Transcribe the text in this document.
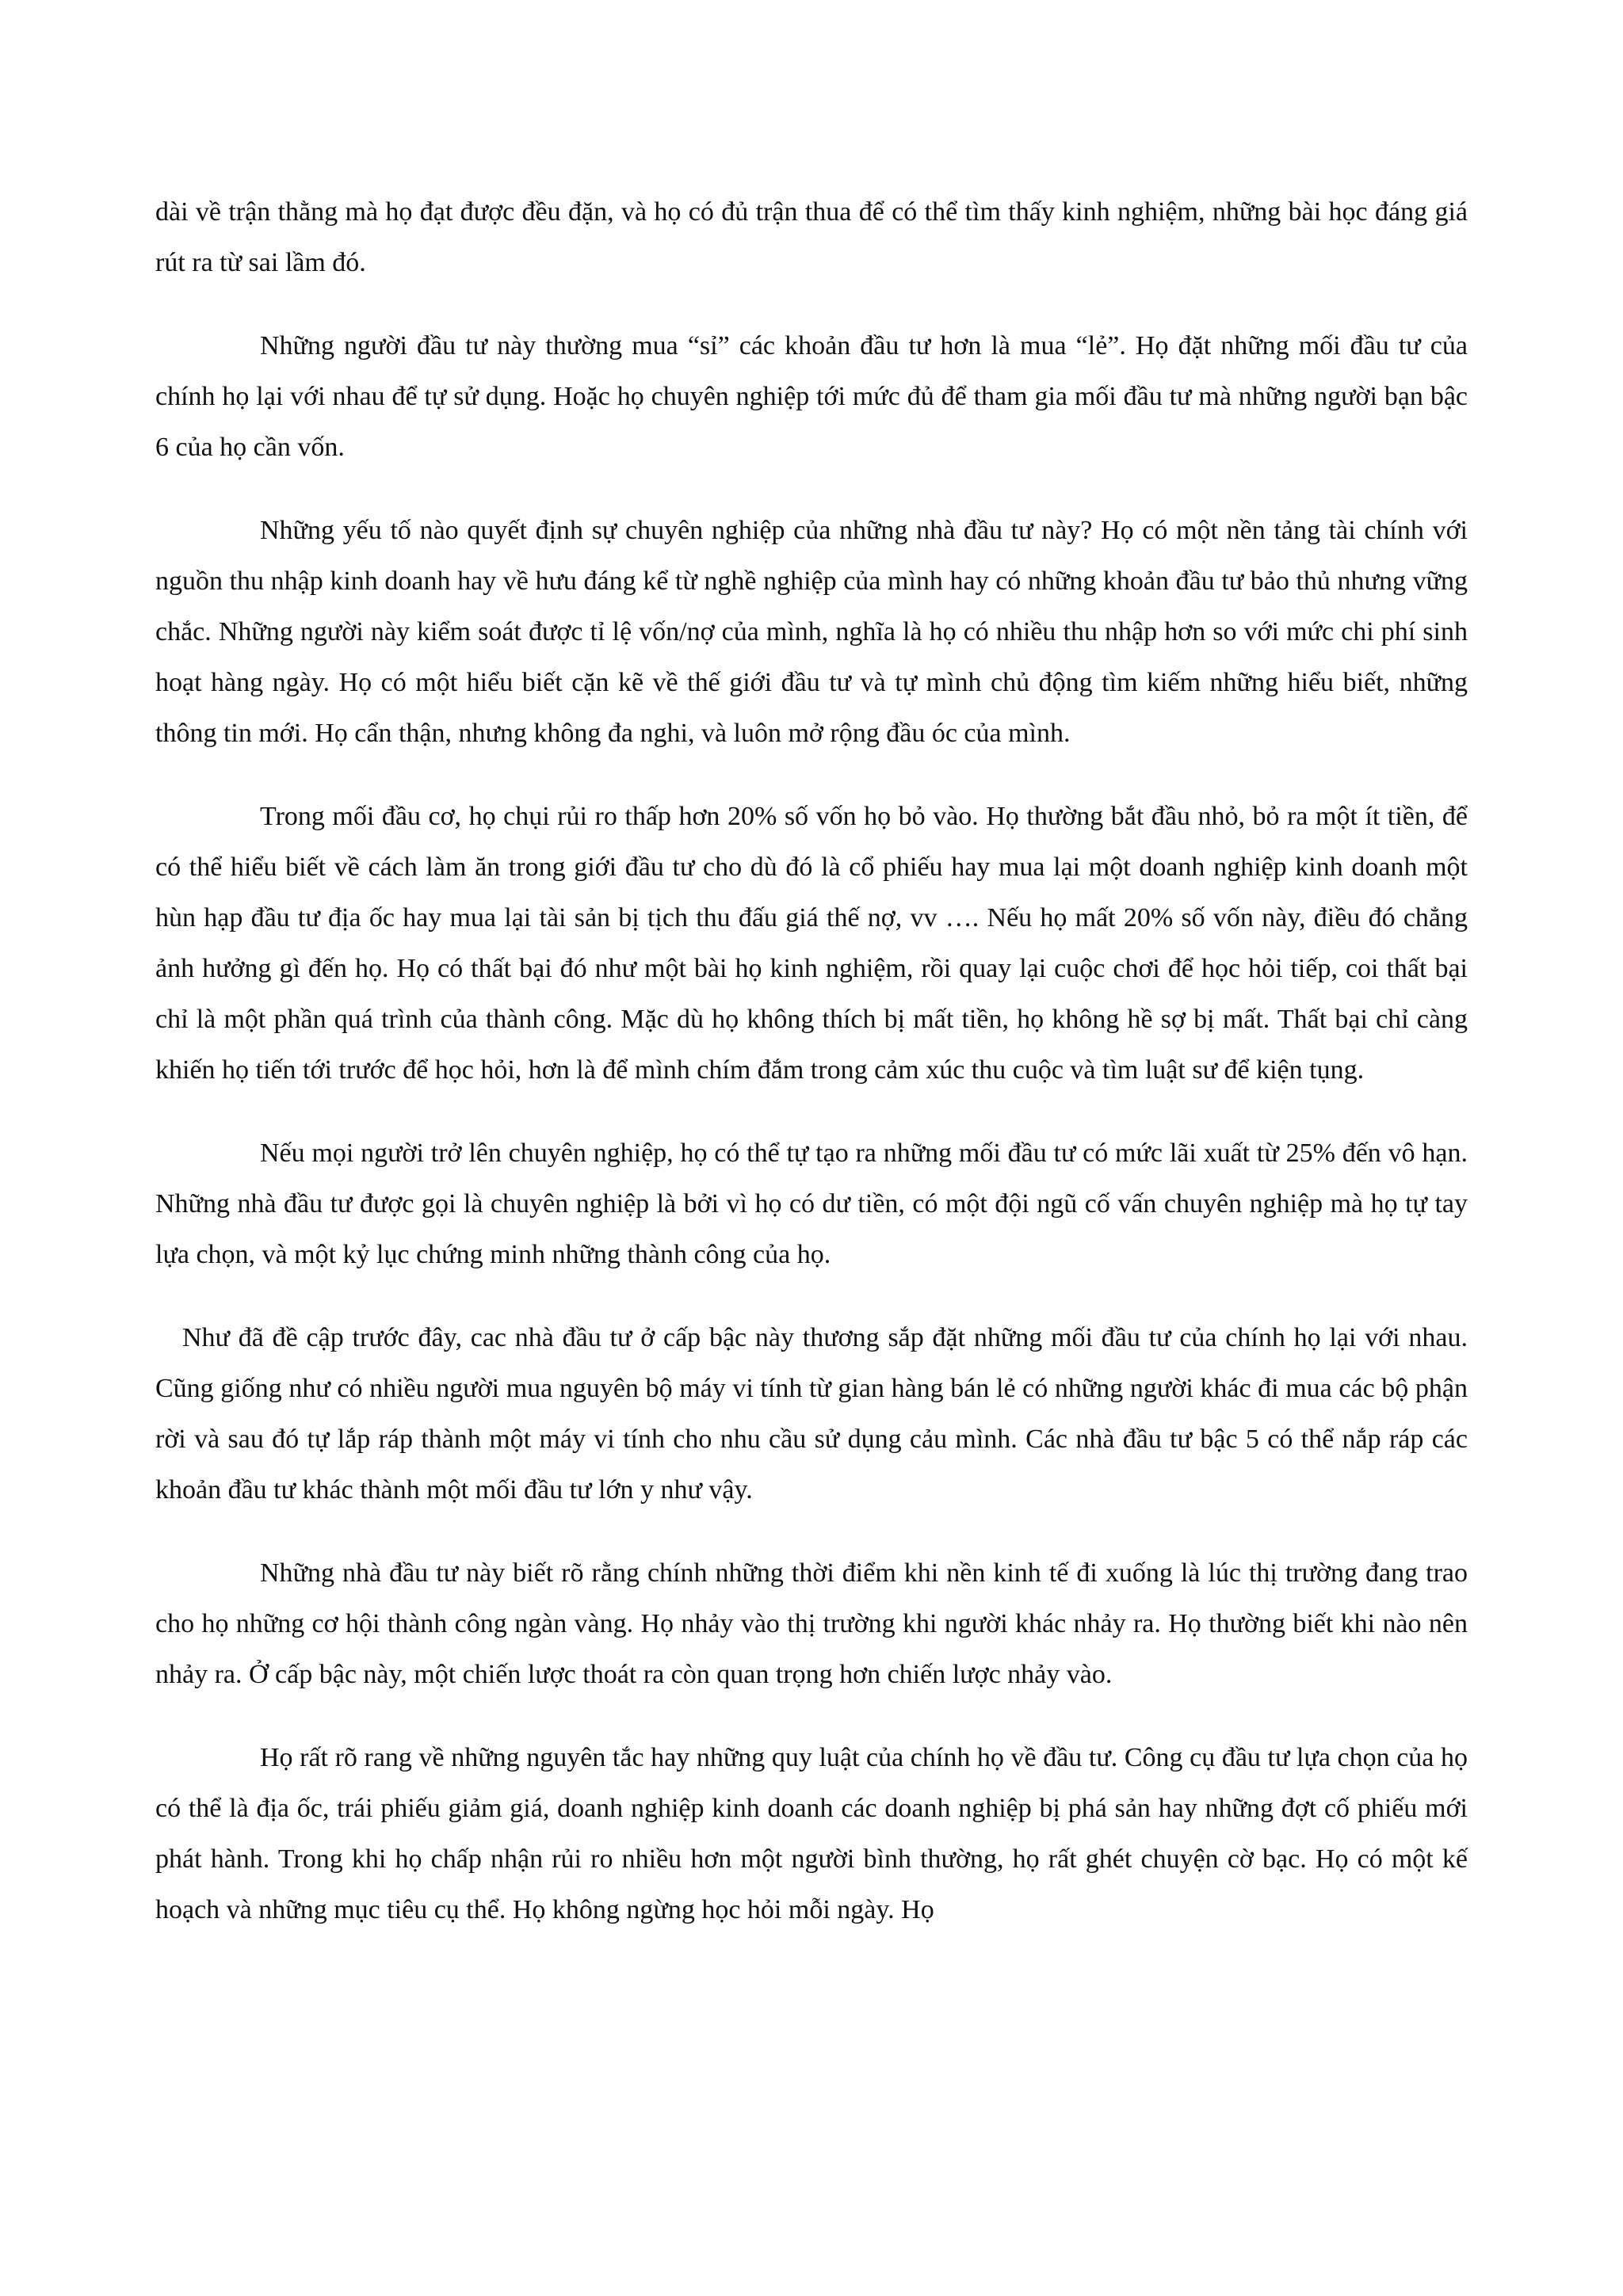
dài về trận thằng mà họ đạt được đều đặn, và họ có đủ trận thua để có thể tìm thấy kinh nghiệm, những bài học đáng giá rút ra từ sai lầm đó.

Những người đầu tư này thường mua “sỉ” các khoản đầu tư hơn là mua “lẻ”. Họ đặt những mối đầu tư của chính họ lại với nhau để tự sử dụng. Hoặc họ chuyên nghiệp tới mức đủ để tham gia mối đầu tư mà những người bạn bậc 6 của họ cần vốn.

Những yếu tố nào quyết định sự chuyên nghiệp của những nhà đầu tư này? Họ có một nền tảng tài chính với nguồn thu nhập kinh doanh hay về hưu đáng kể từ nghề nghiệp của mình hay có những khoản đầu tư bảo thủ nhưng vững chắc. Những người này kiểm soát được tỉ lệ vốn/nợ của mình, nghĩa là họ có nhiều thu nhập hơn so với mức chi phí sinh hoạt hàng ngày. Họ có một hiểu biết cặn kẽ về thế giới đầu tư và tự mình chủ động tìm kiếm những hiểu biết, những thông tin mới. Họ cẩn thận, nhưng không đa nghi, và luôn mở rộng đầu óc của mình.

Trong mối đầu cơ, họ chụi rủi ro thấp hơn 20% số vốn họ bỏ vào. Họ thường bắt đầu nhỏ, bỏ ra một ít tiền, để có thể hiểu biết về cách làm ăn trong giới đầu tư cho dù đó là cổ phiếu hay mua lại một doanh nghiệp kinh doanh một hùn hạp đầu tư địa ốc hay mua lại tài sản bị tịch thu đấu giá thế nợ, vv …. Nếu họ mất 20% số vốn này, điều đó chẳng ảnh hưởng gì đến họ. Họ có thất bại đó như một bài họ kinh nghiệm, rồi quay lại cuộc chơi để học hỏi tiếp, coi thất bại chỉ là một phần quá trình của thành công. Mặc dù họ không thích bị mất tiền, họ không hề sợ bị mất. Thất bại chỉ càng khiến họ tiến tới trước để học hỏi, hơn là để mình chím đắm trong cảm xúc thu cuộc và tìm luật sư để kiện tụng.

Nếu mọi người trở lên chuyên nghiệp, họ có thể tự tạo ra những mối đầu tư có mức lãi xuất từ 25% đến vô hạn. Những nhà đầu tư được gọi là chuyên nghiệp là bởi vì họ có dư tiền, có một đội ngũ cố vấn chuyên nghiệp mà họ tự tay lựa chọn, và một kỷ lục chứng minh những thành công của họ.

Như đã đề cập trước đây, cac nhà đầu tư ở cấp bậc này thương sắp đặt những mối đầu tư của chính họ lại với nhau. Cũng giống như có nhiều người mua nguyên bộ máy vi tính từ gian hàng bán lẻ có những người khác đi mua các bộ phận rời và sau đó tự lắp ráp thành một máy vi tính cho nhu cầu sử dụng cảu mình. Các nhà đầu tư bậc 5 có thể nắp ráp các khoản đầu tư khác thành một mối đầu tư lớn y như vậy.

Những nhà đầu tư này biết rõ rằng chính những thời điểm khi nền kinh tế đi xuống là lúc thị trường đang trao cho họ những cơ hội thành công ngàn vàng. Họ nhảy vào thị trường khi người khác nhảy ra. Họ thường biết khi nào nên nhảy ra. Ở cấp bậc này, một chiến lược thoát ra còn quan trọng hơn chiến lược nhảy vào.

Họ rất rõ rang về những nguyên tắc hay những quy luật của chính họ về đầu tư. Công cụ đầu tư lựa chọn của họ có thể là địa ốc, trái phiếu giảm giá, doanh nghiệp kinh doanh các doanh nghiệp bị phá sản hay những đợt cố phiếu mới phát hành. Trong khi họ chấp nhận rủi ro nhiều hơn một người bình thường, họ rất ghét chuyện cờ bạc. Họ có một kế hoạch và những mục tiêu cụ thể. Họ không ngừng học hỏi mỗi ngày. Họ
